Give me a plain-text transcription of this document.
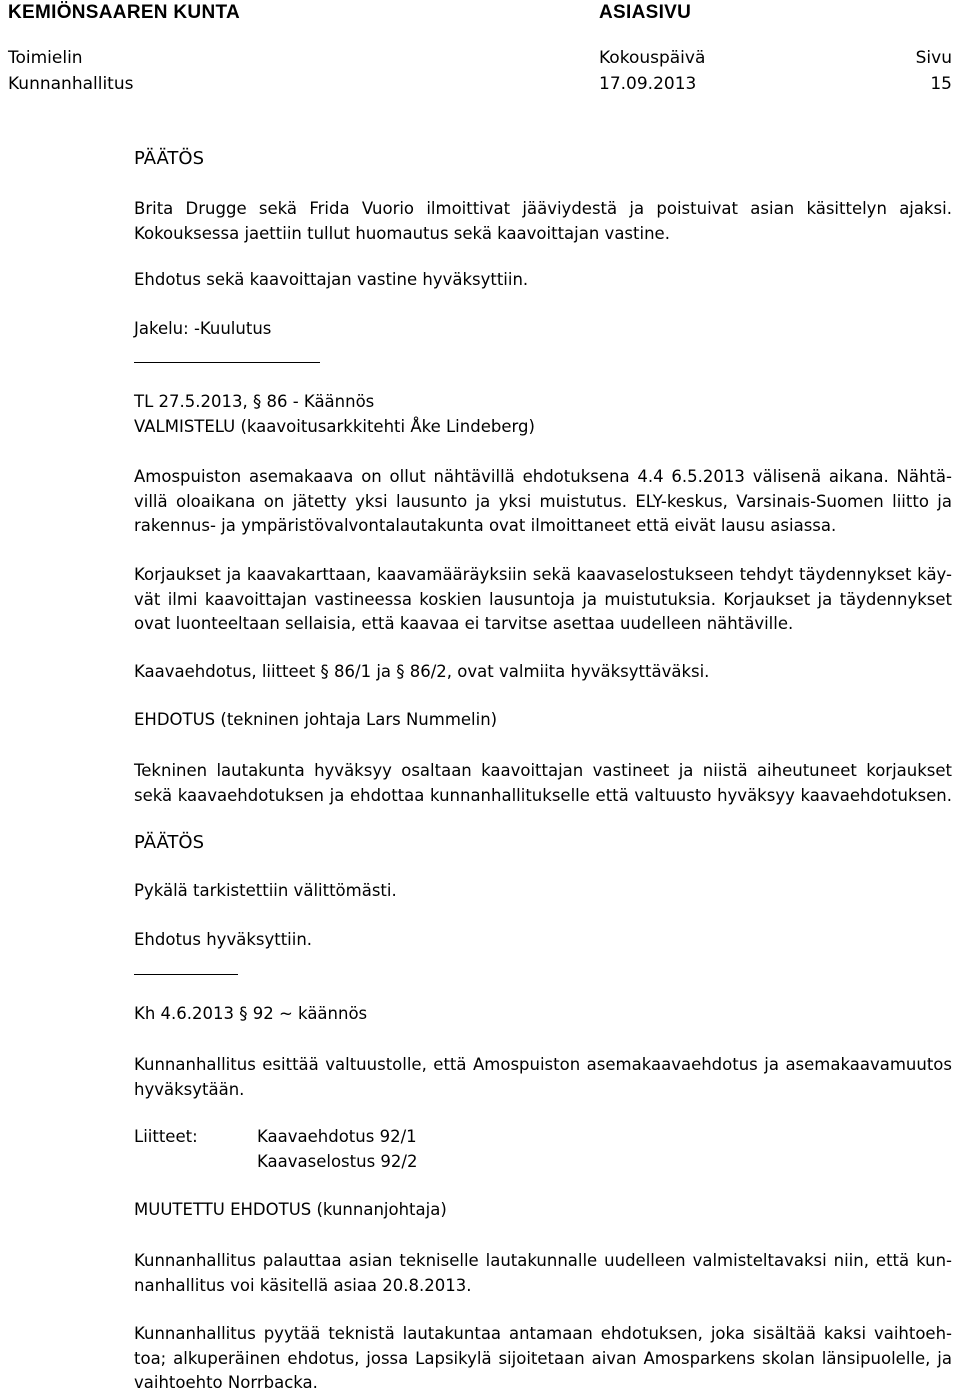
KEMIÖNSAAREN KUNTA	ASIASIVU
Toimielin
Kunnanhallitus
Kokouspäivä
17.09.2013
Sivu
15
PÄÄTÖS
Brita Drugge sekä Frida Vuorio ilmoittivat jääviydestä ja poistuivat asian käsittelyn ajaksi.
Kokouksessa jaettiin tullut huomautus sekä kaavoittajan vastine.
Ehdotus sekä kaavoittajan vastine hyväksyttiin.
Jakelu: -Kuulutus
TL 27.5.2013, § 86 - Käännös
VALMISTELU (kaavoitusarkkitehti Åke Lindeberg)
Amospuiston asemakaava on ollut nähtävillä ehdotuksena 4.4 6.5.2013 välisenä aikana. Nähtä-
villä oloaikana on jätetty yksi lausunto ja yksi muistutus. ELY-keskus, Varsinais-Suomen liitto ja
rakennus- ja ympäristövalvontalautakunta ovat ilmoittaneet että eivät lausu asiassa.
Korjaukset ja kaavakarttaan, kaavamääräyksiin sekä kaavaselostukseen tehdyt täydennykset käy-
vät ilmi kaavoittajan vastineessa koskien lausuntoja ja muistutuksia. Korjaukset ja täydennykset
ovat luonteeltaan sellaisia, että kaavaa ei tarvitse asettaa uudelleen nähtäville.
Kaavaehdotus, liitteet § 86/1 ja § 86/2, ovat valmiita hyväksyttäväksi.
EHDOTUS (tekninen johtaja Lars Nummelin)
Tekninen lautakunta hyväksyy osaltaan kaavoittajan vastineet ja niistä aiheutuneet korjaukset
sekä kaavaehdotuksen ja ehdottaa kunnanhallitukselle että valtuusto hyväksyy kaavaehdotuksen.
PÄÄTÖS
Pykälä tarkistettiin välittömästi.
Ehdotus hyväksyttiin.
Kh 4.6.2013 § 92 ~ käännös
Kunnanhallitus esittää valtuustolle, että Amospuiston asemakaavaehdotus ja asemakaavamuutos
hyväksytään.
Liitteet:	Kaavaehdotus 92/1
Kaavaselostus 92/2
MUUTETTU EHDOTUS (kunnanjohtaja)
Kunnanhallitus palauttaa asian tekniselle lautakunnalle uudelleen valmisteltavaksi niin, että kun-
nanhallitus voi käsitellä asiaa 20.8.2013.
Kunnanhallitus pyytää teknistä lautakuntaa antamaan ehdotuksen, joka sisältää kaksi vaihtoeh-
toa; alkuperäinen ehdotus, jossa Lapsikylä sijoitetaan aivan Amosparkens skolan länsipuolelle, ja
vaihtoehto Norrbacka.
